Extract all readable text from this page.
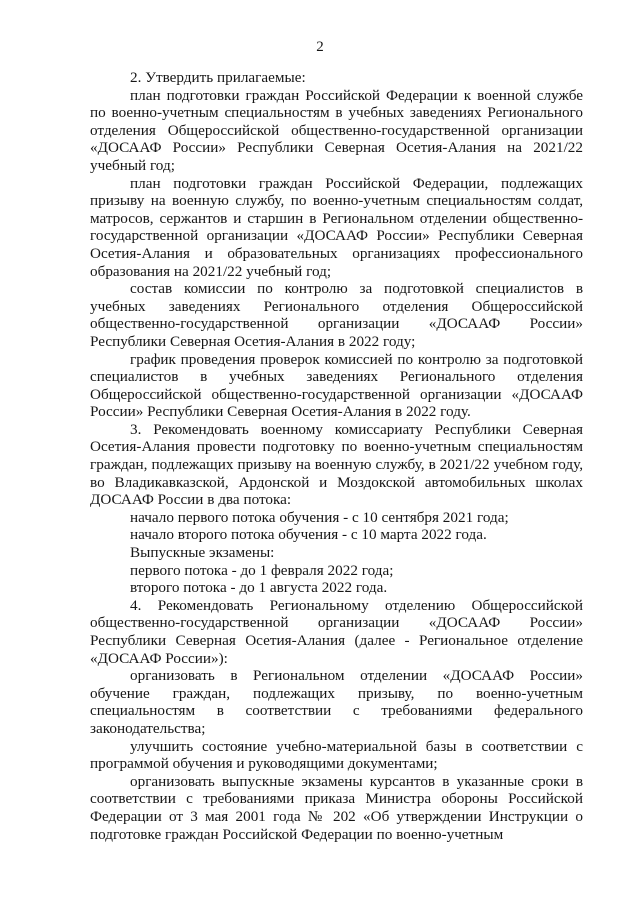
2

2. Утвердить прилагаемые:

план подготовки граждан Российской Федерации к военной службе по военно-учетным специальностям в учебных заведениях Регионального отделения Общероссийской общественно-государственной организации «ДОСААФ России» Республики Северная Осетия-Алания на 2021/22 учебный год;

план подготовки граждан Российской Федерации, подлежащих призыву на военную службу, по военно-учетным специальностям солдат, матросов, сержантов и старшин в Региональном отделении общественно-государственной организации «ДОСААФ России» Республики Северная Осетия-Алания и образовательных организациях профессионального образования на 2021/22 учебный год;

состав комиссии по контролю за подготовкой специалистов в учебных заведениях Регионального отделения Общероссийской общественно-государственной организации «ДОСААФ России» Республики Северная Осетия-Алания в 2022 году;

график проведения проверок комиссией по контролю за подготовкой специалистов в учебных заведениях Регионального отделения Общероссийской общественно-государственной организации «ДОСААФ России» Республики Северная Осетия-Алания в 2022 году.

3. Рекомендовать военному комиссариату Республики Северная Осетия-Алания провести подготовку по военно-учетным специальностям граждан, подлежащих призыву на военную службу, в 2021/22 учебном году, во Владикавказской, Ардонской и Моздокской автомобильных школах ДОСААФ России в два потока:

начало первого потока обучения - с 10 сентября 2021 года;

начало второго потока обучения - с 10 марта 2022 года.

Выпускные экзамены:

первого потока - до 1 февраля 2022 года;

второго потока - до 1 августа 2022 года.

4. Рекомендовать Региональному отделению Общероссийской общественно-государственной организации «ДОСААФ России» Республики Северная Осетия-Алания (далее - Региональное отделение «ДОСААФ России»):

организовать в Региональном отделении «ДОСААФ России» обучение граждан, подлежащих призыву, по военно-учетным специальностям в соответствии с требованиями федерального законодательства;

улучшить состояние учебно-материальной базы в соответствии с программой обучения и руководящими документами;

организовать выпускные экзамены курсантов в указанные сроки в соответствии с требованиями приказа Министра обороны Российской Федерации от 3 мая 2001 года № 202 «Об утверждении Инструкции о подготовке граждан Российской Федерации по военно-учетным
